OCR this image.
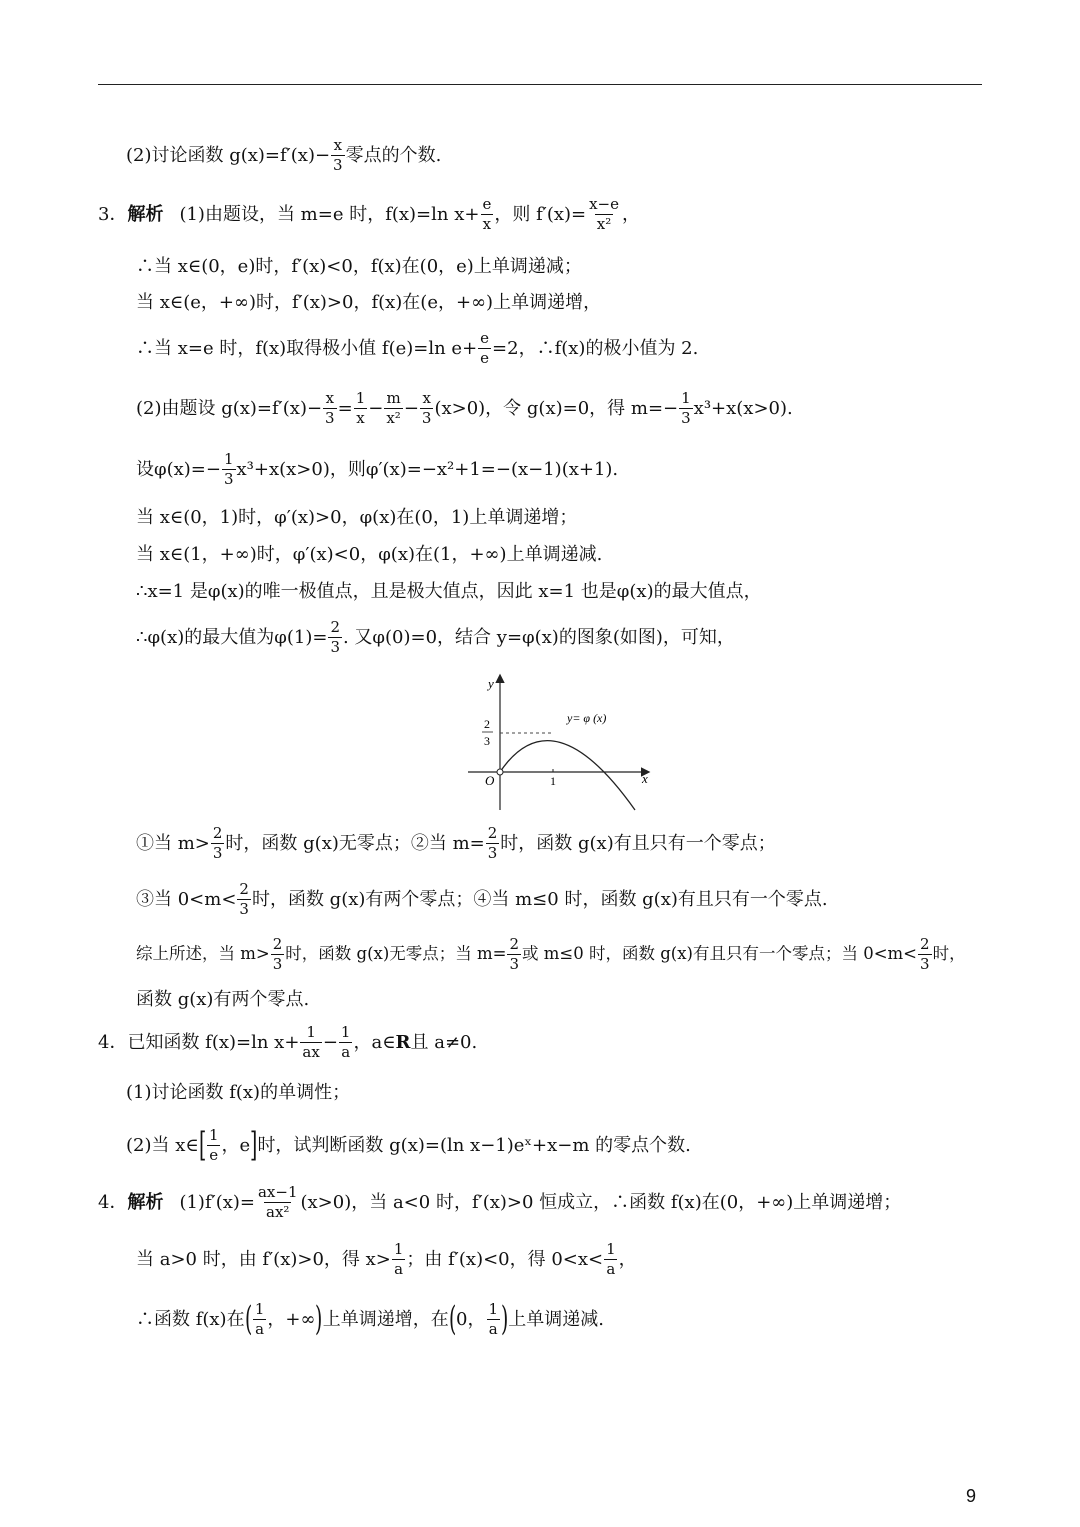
(2)讨论函数 $g(x)=f'(x)- \frac{x}{3}$ 零点的个数.
3． 解析 (1)由题设，当 m=e 时，f(x)=ln $x+ \frac{e}{x}$ ，则 $f'(x)= \frac{x-e}{\text{x²}}$ ，
∴当 x∈(0，e)时，f′(x)<0，f(x)在(0，e)上单调递减；
当 x∈(e，+∞)时，f′(x)>0，f(x)在(e，+∞)上单调递增，
∴当 x=e 时，f(x)取得极小值 f(e)=ln $e+ \frac{e}{e} =2$，∴f(x)的极小值为 2.
(2)由题设 $g(x)=f'(x)- \frac{x}{3} = \frac{1}{x} - \frac{m}{\text{x²}} - \frac{x}{3} (x>0)$，令 g(x)=0，得 $m=- \frac{1}{3} x^3+x(x>0)$.
设$\varphi(x)=- \frac{1}{3} x^3+x(x>0)$，则φ′(x)=−x²+1=−(x−1)(x+1).
当 x∈(0，1)时，φ′(x)>0，φ(x)在(0，1)上单调递增；
当 x∈(1，+∞)时，φ′(x)<0，φ(x)在(1，+∞)上单调递减.
∴x=1 是φ(x)的唯一极值点，且是极大值点，因此 x=1 也是φ(x)的最大值点，
∴φ(x)的最大值为$\varphi(1)= \frac{2}{3}$ . 又φ(0)=0，结合 y=φ(x)的图象(如图)，可知，
y
x
O	1
2
3
y= φ (x)
①当 $m> \frac{2}{3}$ 时，函数 g(x)无零点；②当 $m= \frac{2}{3}$ 时，函数 g(x)有且只有一个零点；
③当 $0<m< \frac{2}{3}$ 时，函数 g(x)有两个零点；④当 m≤0 时，函数 g(x)有且只有一个零点.
综上所述，当 $m> \frac{2}{3}$ 时，函数 g(x)无零点；当 $m= \frac{2}{3}$ 或 m≤0 时，函数 g(x)有且只有一个零点；当 $0<m< \frac{2}{3}$ 时，
函数 g(x)有两个零点.
4． 已知函数 f(x)=ln $x+ \frac{1}{ax} - \frac{1}{a}$ ，a∈ R 且 a≠0.
(1)讨论函数 f(x)的单调性；
(2)当 x∈ [ $\frac{1}{e}$ ，e ] 时，试判断函数 g(x)=(ln x−1)eˣ+x−m 的零点个数.
4． 解析 $(1)f'(x)= \frac{ax-1}{\text{ax²}} (x>0)$，当 a<0 时，f′(x)>0 恒成立，∴函数 f(x)在(0，+∞)上单调递增；
当 a>0 时，由 f′(x)>0，得 $x> \frac{1}{a}$ ；由 f′(x)<0，得 $0<x< \frac{1}{a}$ ，
∴函数 f(x)在 ( $\frac{1}{a}$ ，+∞ ) 上单调递增，在 ( 0， $\frac{1}{a}$ ) 上单调递减.
9
